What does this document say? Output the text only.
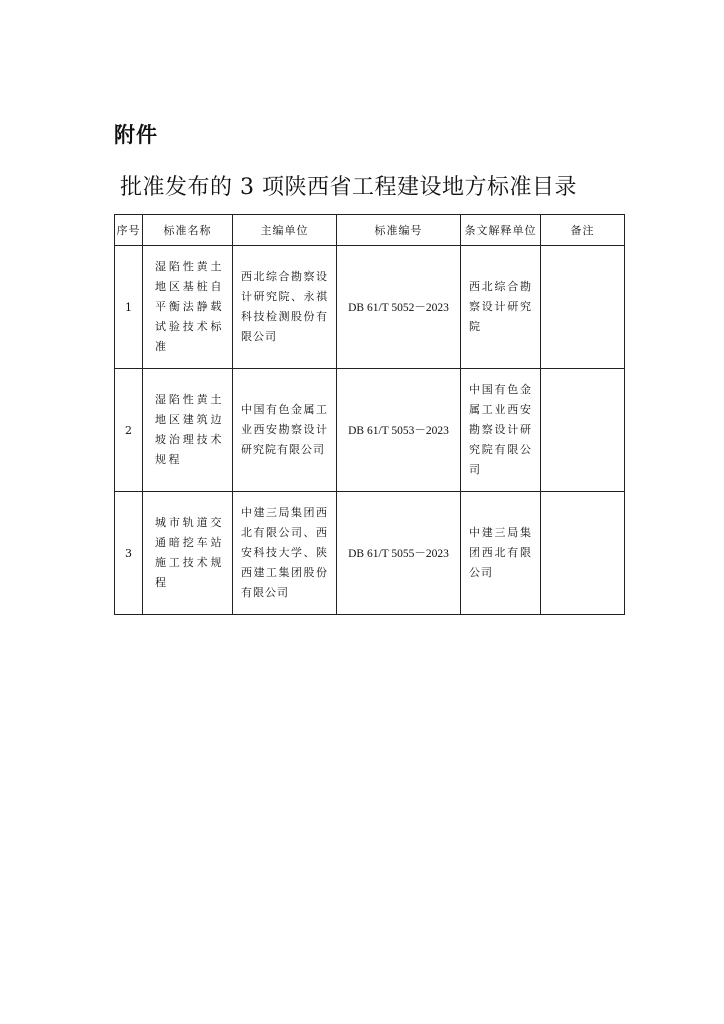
附件
批准发布的 3 项陕西省工程建设地方标准目录
序号	标准名称	主编单位	标准编号	条文解释单位	备注
1	湿陷性黄土地区基桩自平衡法静载试验技术标准	西北综合勘察设计研究院、永祺科技检测股份有限公司	DB 61/T 5052－2023	西北综合勘察设计研究院	

2	湿陷性黄土地区建筑边坡治理技术规程	中国有色金属工业西安勘察设计研究院有限公司	DB 61/T 5053－2023	中国有色金属工业西安勘察设计研究院有限公司	

3	城市轨道交通暗挖车站施工技术规程	中建三局集团西北有限公司、西安科技大学、陕西建工集团股份有限公司	DB 61/T 5055－2023	中建三局集团西北有限公司	
